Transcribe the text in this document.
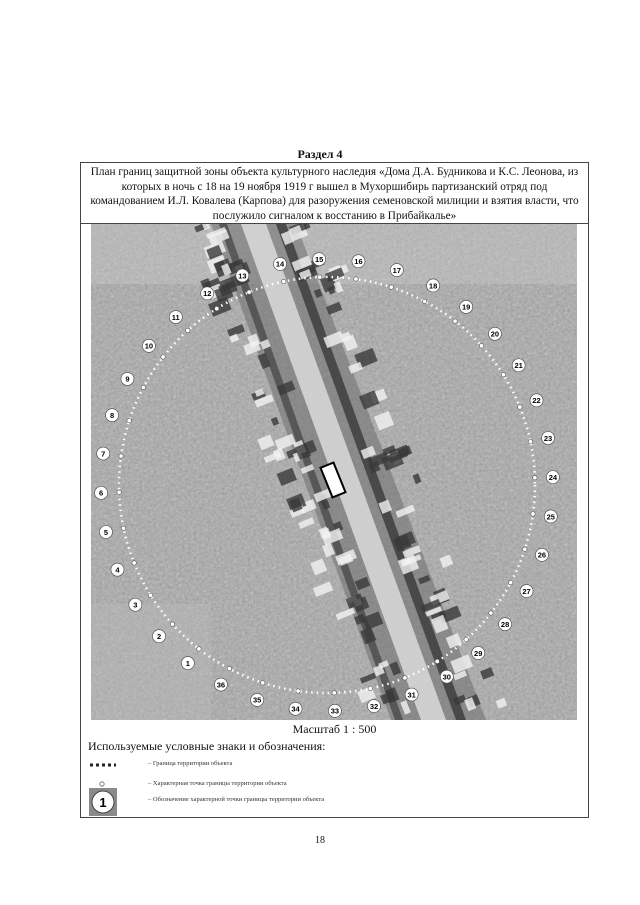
Раздел 4
План границ защитной зоны объекта культурного наследия «Дома Д.А. Будникова и К.С. Леонова, из которых в ночь с 18 на 19 ноября 1919 г вышел в Мухоршибирь партизанский отряд под командованием И.Л. Ковалева (Карпова) для разоружения семеновской милиции и взятия власти, что послужило сигналом к восстанию в Прибайкалье»
1
2
3
4
5
6
7
8
9
10
11
12
13
14
15	16
17
18
19
20
21
22
23
24
25
26
27
28
29
30
31
32
33
34
35
36
Масштаб 1 : 500
Используемые условные знаки и обозначения:
– Граница территории объекта
– Характерная точка границы территории объекта
1	– Обозначение характерной точки границы территории объекта
18
